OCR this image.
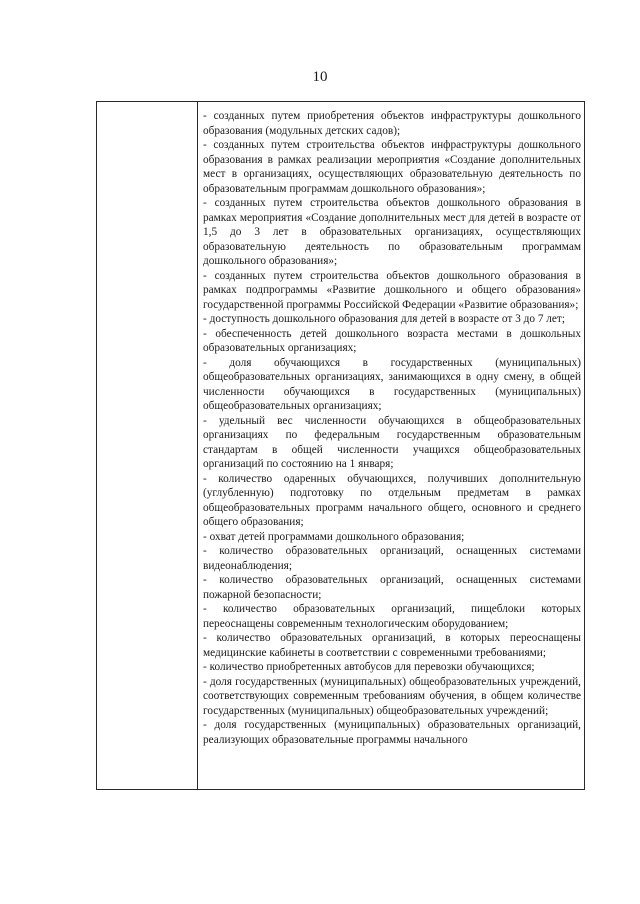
10

- созданных путем приобретения объектов инфраструктуры дошкольного образования (модульных детских садов);

- созданных путем строительства объектов инфраструктуры дошкольного образования в рамках реализации мероприятия «Создание дополнительных мест в организациях, осуществляющих образовательную деятельность по образовательным программам дошкольного образования»;

- созданных путем строительства объектов дошкольного образования в рамках мероприятия «Создание дополнительных мест для детей в возрасте от 1,5 до 3 лет в образовательных организациях, осуществляющих образовательную деятельность по образовательным программам дошкольного образования»;

- созданных путем строительства объектов дошкольного образования в рамках подпрограммы «Развитие дошкольного и общего образования» государственной программы Российской Федерации «Развитие образования»;

- доступность дошкольного образования для детей в возрасте от 3 до 7 лет;

- обеспеченность детей дошкольного возраста местами в дошкольных образовательных организациях;

- доля обучающихся в государственных (муниципальных) общеобразовательных организациях, занимающихся в одну смену, в общей численности обучающихся в государственных (муниципальных) общеобразовательных организациях;

- удельный вес численности обучающихся в общеобразовательных организациях по федеральным государственным образовательным стандартам в общей численности учащихся общеобразовательных организаций по состоянию на 1 января;

- количество одаренных обучающихся, получивших дополнительную (углубленную) подготовку по отдельным предметам в рамках общеобразовательных программ начального общего, основного и среднего общего образования;

- охват детей программами дошкольного образования;

- количество образовательных организаций, оснащенных системами видеонаблюдения;

- количество образовательных организаций, оснащенных системами пожарной безопасности;

- количество образовательных организаций, пищеблоки которых переоснащены современным технологическим оборудованием;

- количество образовательных организаций, в которых переоснащены медицинские кабинеты в соответствии с современными требованиями;

- количество приобретенных автобусов для перевозки обучающихся;

- доля государственных (муниципальных) общеобразовательных учреждений, соответствующих современным требованиям обучения, в общем количестве государственных (муниципальных) общеобразовательных учреждений;

- доля государственных (муниципальных) образовательных организаций, реализующих образовательные программы начального
